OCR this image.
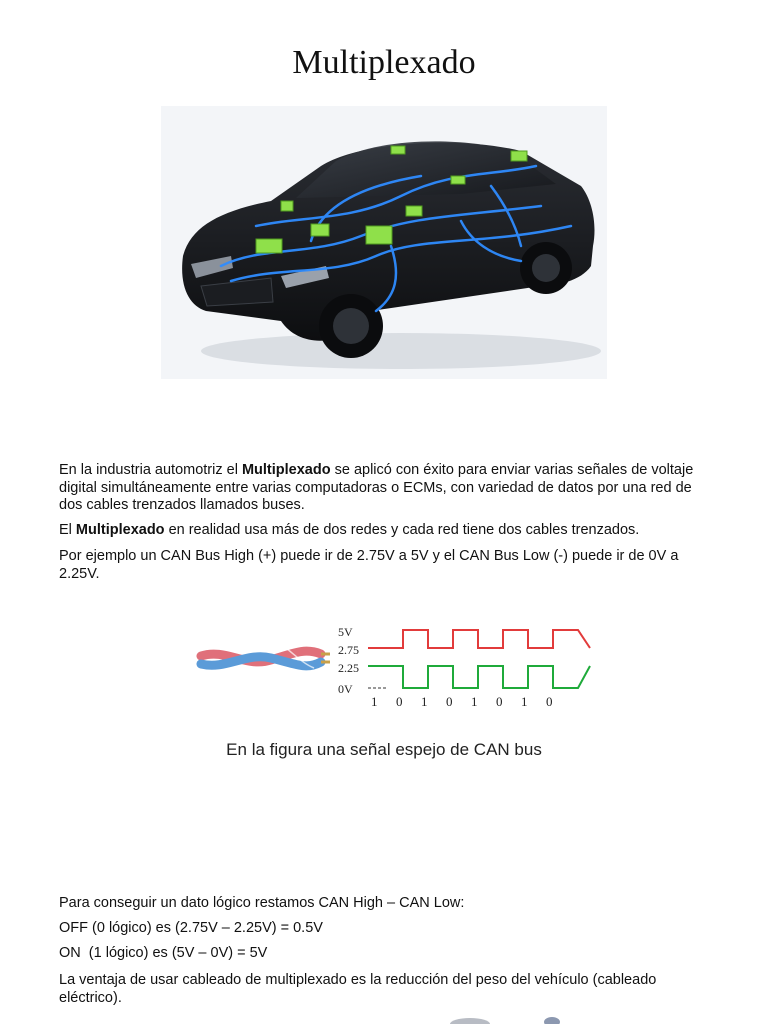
Multiplexado

En la industria automotriz el Multiplexado se aplicó con éxito para enviar varias señales de voltaje digital simultáneamente entre varias computadoras o ECMs, con variedad de datos por una red de dos cables trenzados llamados buses.

El Multiplexado en realidad usa más de dos redes y cada red tiene dos cables trenzados.

Por ejemplo un CAN Bus High (+) puede ir de 2.75V a 5V y el CAN Bus Low (-) puede ir de 0V a 2.25V.

5V
2.75
2.25
0V
1 0 1 0 1 0 1 0
En la figura una señal espejo de CAN bus
Para conseguir un dato lógico restamos CAN High – CAN Low:
OFF (0 lógico) es (2.75V – 2.25V) = 0.5V
ON  (1 lógico) es (5V – 0V) = 5V
La ventaja de usar cableado de multiplexado es la reducción del peso del vehículo (cableado eléctrico).
